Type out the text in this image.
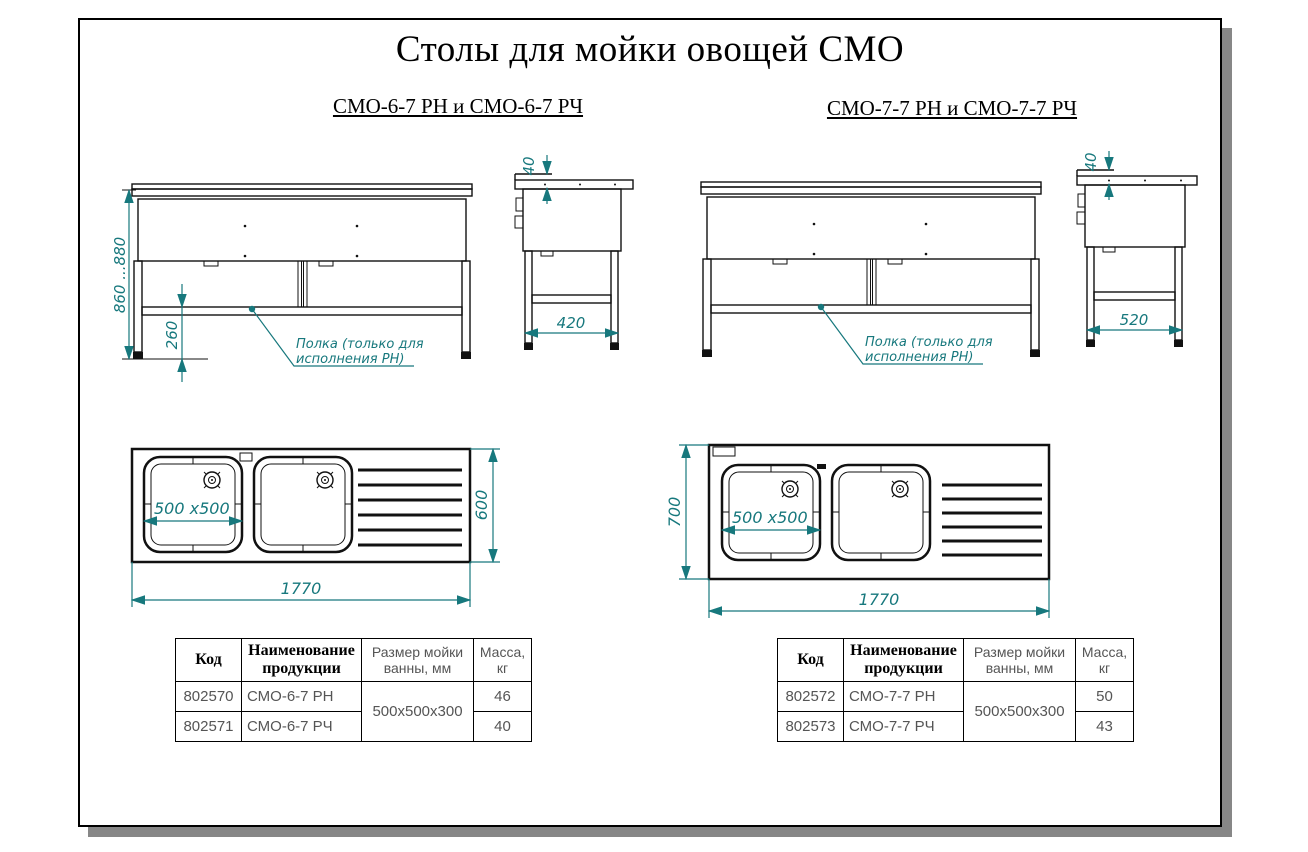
Столы для мойки овощей СМО
СМО-6-7 РН и СМО-6-7 РЧ	СМО-7-7 РН и СМО-7-7 РЧ
860 ...880
260	Полка (только для
исполнения РН)
40
420
Полка (только для
исполнения РН)
40
520
500 х500	600
1770
500 х500
700
1770
Код	Наименование продукции	Размер мойки ванны, мм	Масса, кг
802570	СМО-6-7 РН	500х500х300	46
802571	СМО-6-7 РЧ		40
Код	Наименование продукции	Размер мойки ванны, мм	Масса, кг
802572	СМО-7-7 РН	500х500х300	50
802573	СМО-7-7 РЧ		43
